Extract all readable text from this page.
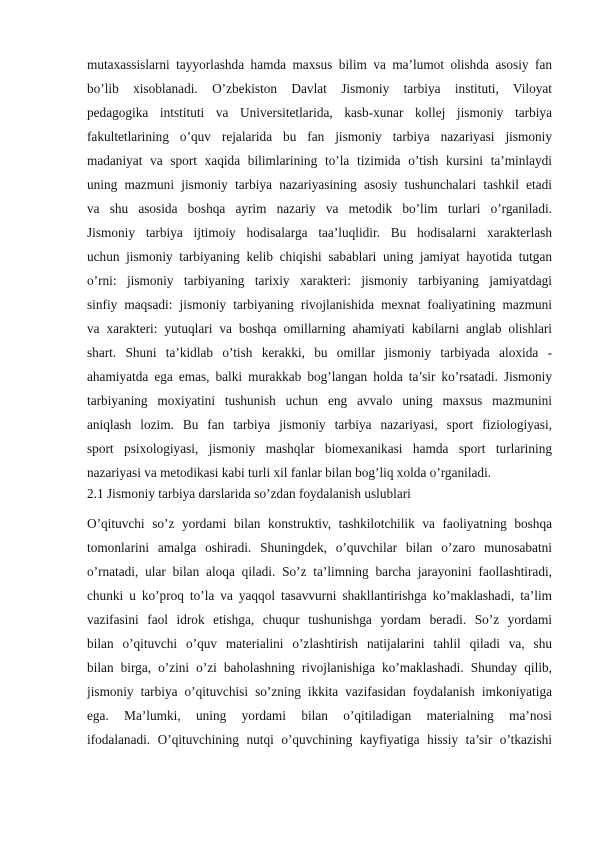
mutaxassislarni tayyorlashda hamda maxsus bilim va ma’lumot olishda asosiy fan
bo’lib xisoblanadi. O’zbekiston Davlat Jismoniy tarbiya instituti, Viloyat
pedagogika intstituti va Universitetlarida, kasb-xunar kollej jismoniy tarbiya
fakultetlarining o’quv rejalarida bu fan jismoniy tarbiya nazariyasi jismoniy
madaniyat va sport xaqida bilimlarining to’la tizimida o’tish kursini ta’minlaydi
uning mazmuni jismoniy tarbiya nazariyasining asosiy tushunchalari tashkil etadi
va shu asosida boshqa ayrim nazariy va metodik bo’lim turlari o’rganiladi.
Jismoniy tarbiya ijtimoiy hodisalarga taa’luqlidir. Bu hodisalarni xarakterlash
uchun jismoniy tarbiyaning kelib chiqishi sabablari uning jamiyat hayotida tutgan
o’rni: jismoniy tarbiyaning tarixiy xarakteri: jismoniy tarbiyaning jamiyatdagi
sinfiy maqsadi: jismoniy tarbiyaning rivojlanishida mexnat foaliyatining mazmuni
va xarakteri: yutuqlari va boshqa omillarning ahamiyati kabilarni anglab olishlari
shart. Shuni ta’kidlab o’tish kerakki, bu omillar jismoniy tarbiyada aloxida -
ahamiyatda ega emas, balki murakkab bog’langan holda ta’sir ko’rsatadi. Jismoniy
tarbiyaning moxiyatini tushunish uchun eng avvalo uning maxsus mazmunini
aniqlash lozim. Bu fan tarbiya jismoniy tarbiya nazariyasi, sport fiziologiyasi,
sport psixologiyasi, jismoniy mashqlar biomexanikasi hamda sport turlarining
nazariyasi va metodikasi kabi turli xil fanlar bilan bog’liq xolda o’rganiladi.
2.1 Jismoniy tarbiya darslarida so’zdan foydalanish uslublari
O’qituvchi so’z yordami bilan konstruktiv, tashkilotchilik va faoliyatning boshqa
tomonlarini amalga oshiradi. Shuningdek, o’quvchilar bilan o’zaro munosabatni
o’rnatadi, ular bilan aloqa qiladi. So’z ta’limning barcha jarayonini faollashtiradi,
chunki u ko’proq to’la va yaqqol tasavvurni shakllantirishga ko’maklashadi, ta’lim
vazifasini faol idrok etishga, chuqur tushunishga yordam beradi. So’z yordami
bilan o’qituvchi o’quv materialini o’zlashtirish natijalarini tahlil qiladi va, shu
bilan birga, o’zini o’zi baholashning rivojlanishiga ko’maklashadi. Shunday qilib,
jismoniy tarbiya o’qituvchisi so’zning ikkita vazifasidan foydalanish imkoniyatiga
ega. Ma’lumki, uning yordami bilan o’qitiladigan materialning ma’nosi
ifodalanadi. O’qituvchining nutqi o’quvchining kayfiyatiga hissiy ta’sir o’tkazishi
